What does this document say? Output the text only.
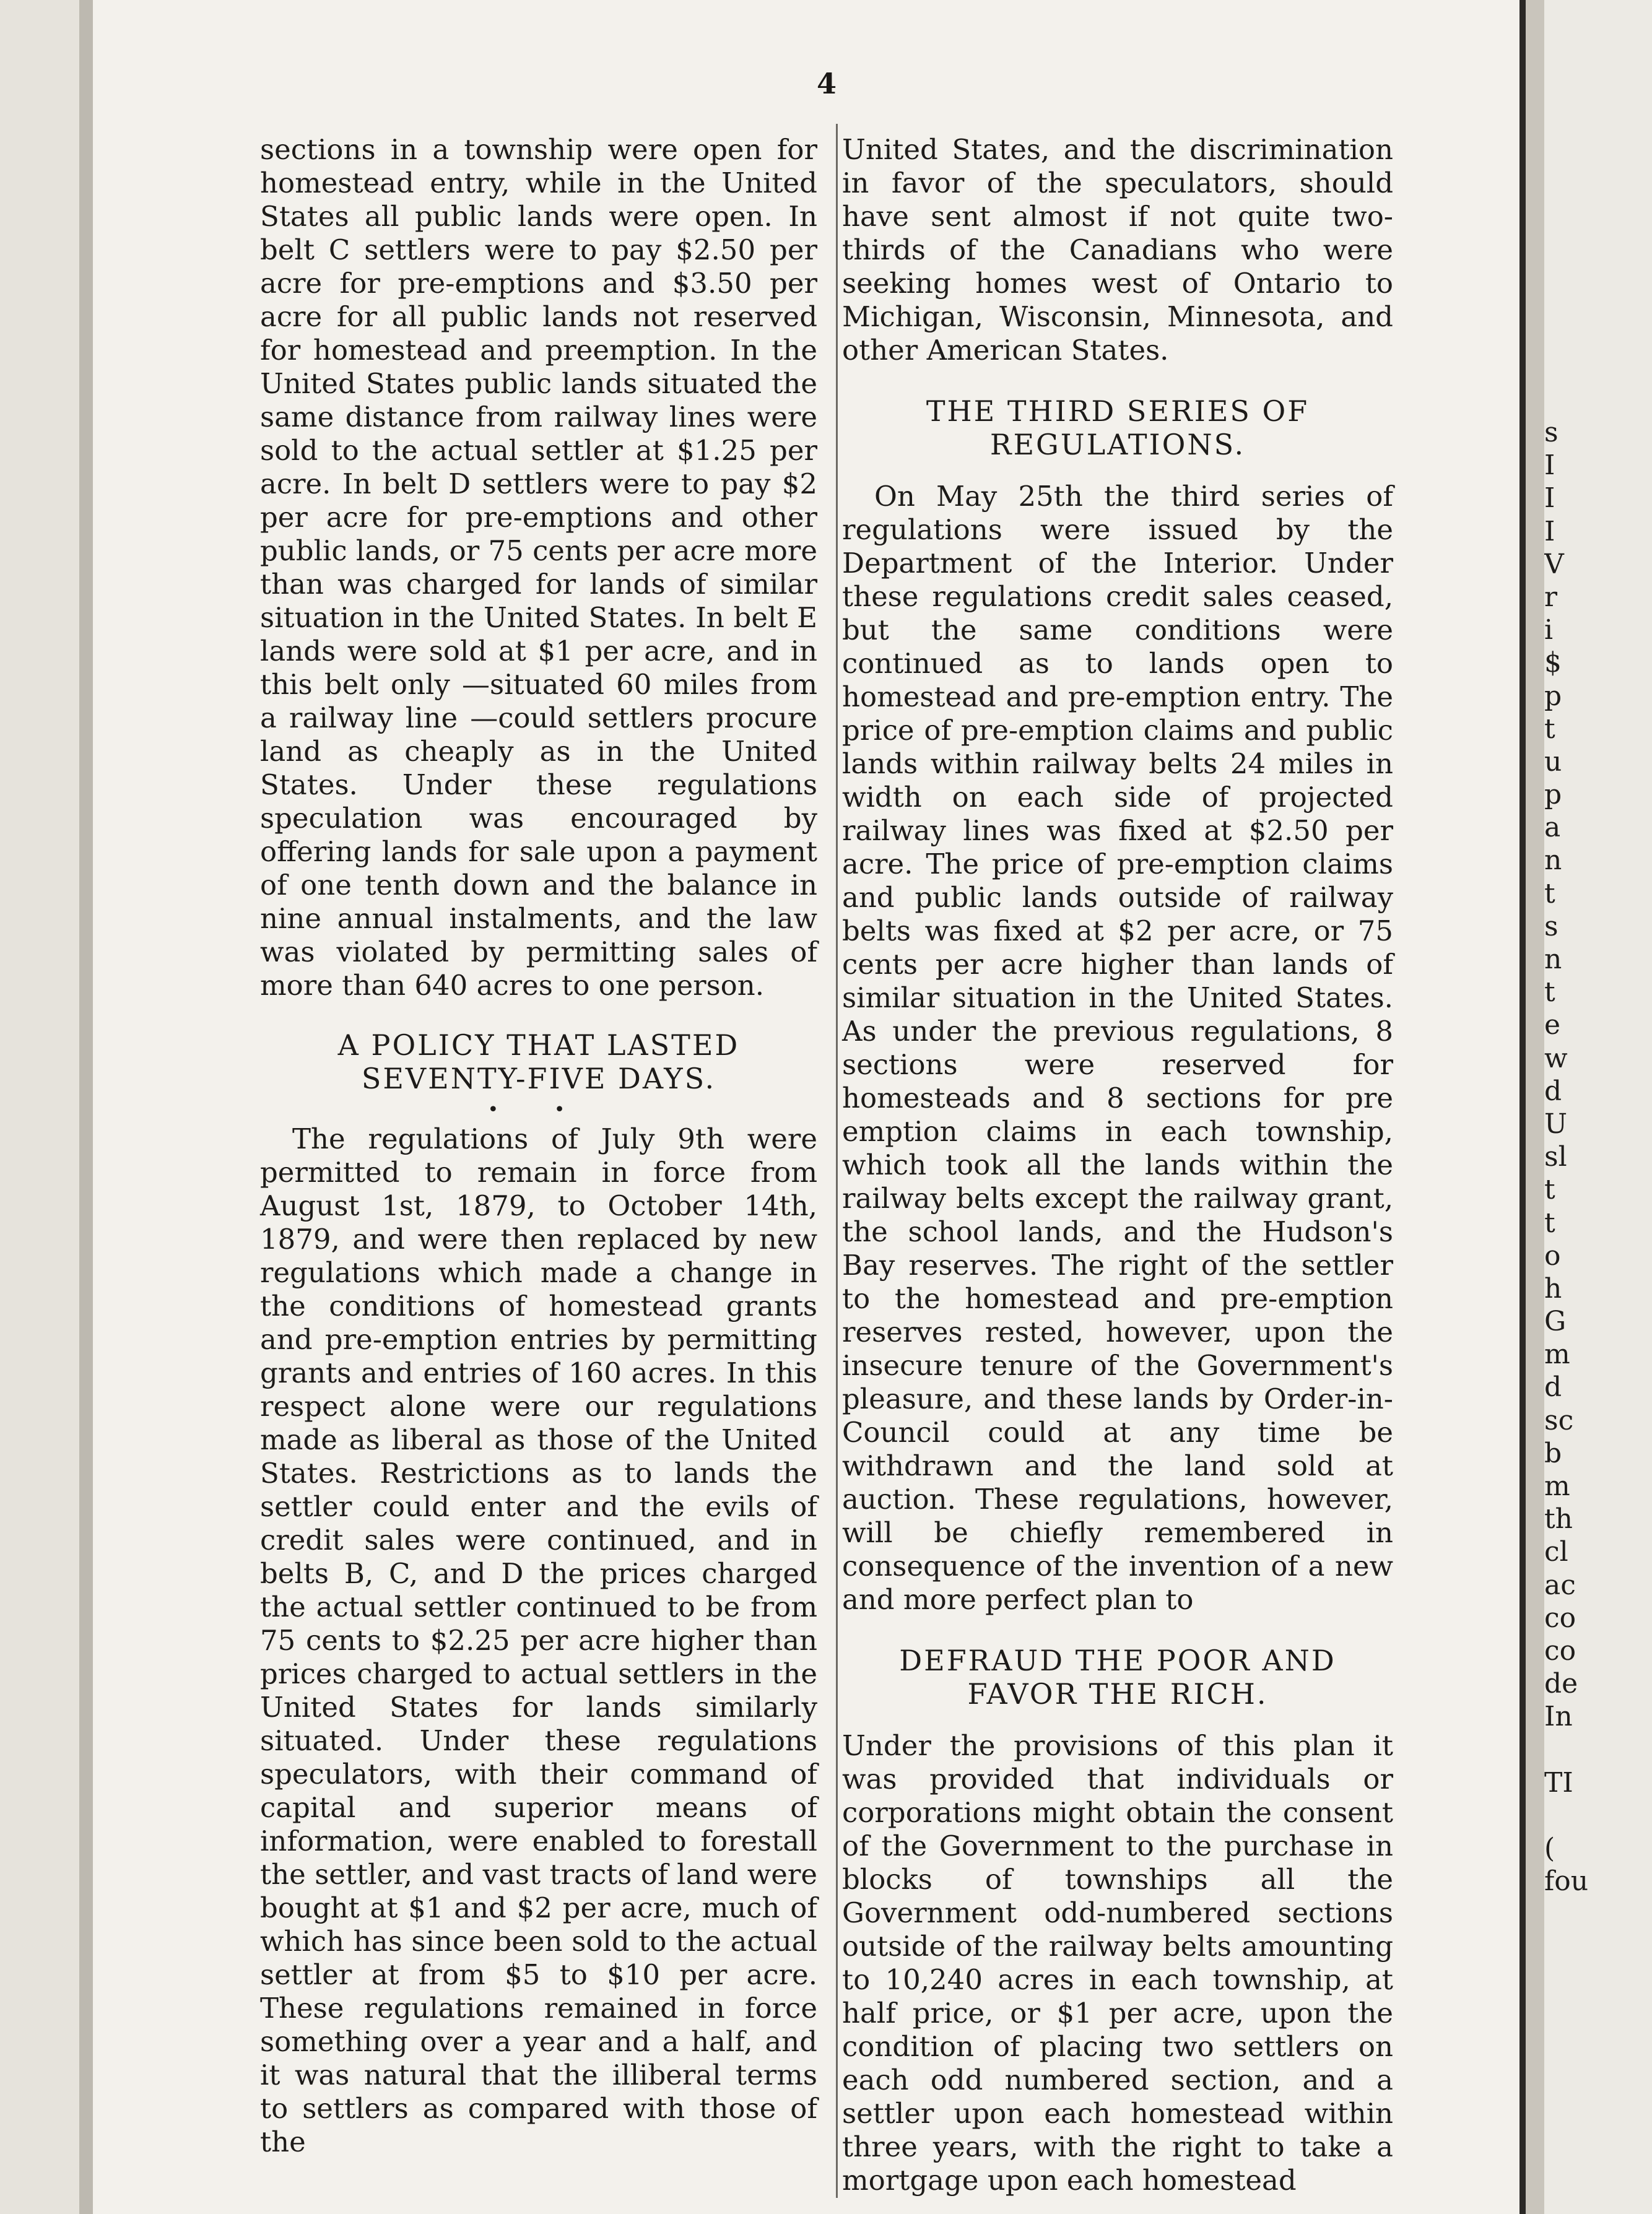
s
I
I
I
V
r
i
$
p
t
u
p
a
n
t
s
n
t
e
w
d
U
sl
t
t
o
h
G
m
d
sc
b
m
th
cl
ac
co
co
de
In
TI
(
fou
4

sections in a township were open for homestead entry, while in the United States all public lands were open. In belt C settlers were to pay $2.50 per acre for pre-emptions and $3.50 per acre for all public lands not reserved for homestead and preemption. In the United States public lands situated the same distance from railway lines were sold to the actual settler at $1.25 per acre. In belt D settlers were to pay $2 per acre for pre-emptions and other public lands, or 75 cents per acre more than was charged for lands of similar situation in the United States. In belt E lands were sold at $1 per acre, and in this belt only —situated 60 miles from a railway line —could settlers procure land as cheaply as in the United States. Under these regulations speculation was encouraged by offering lands for sale upon a payment of one tenth down and the balance in nine annual instalments, and the law was violated by permitting sales of more than 640 acres to one person.

A POLICY THAT LASTED SEVENTY-FIVE DAYS.
• •

The regulations of July 9th were permitted to remain in force from August 1st, 1879, to October 14th, 1879, and were then replaced by new regulations which made a change in the conditions of homestead grants and pre-emption entries by permitting grants and entries of 160 acres. In this respect alone were our regulations made as liberal as those of the United States. Restrictions as to lands the settler could enter and the evils of credit sales were continued, and in belts B, C, and D the prices charged the actual settler continued to be from 75 cents to $2.25 per acre higher than prices charged to actual settlers in the United States for lands similarly situated. Under these regulations speculators, with their command of capital and superior means of information, were enabled to forestall the settler, and vast tracts of land were bought at $1 and $2 per acre, much of which has since been sold to the actual settler at from $5 to $10 per acre. These regulations remained in force something over a year and a half, and it was natural that the illiberal terms to settlers as compared with those of the

United States, and the discrimination in favor of the speculators, should have sent almost if not quite two-thirds of the Canadians who were seeking homes west of Ontario to Michigan, Wisconsin, Minnesota, and other American States.

THE THIRD SERIES OF REGULATIONS.

On May 25th the third series of regulations were issued by the Department of the Interior. Under these regulations credit sales ceased, but the same conditions were continued as to lands open to homestead and pre-emption entry. The price of pre-emption claims and public lands within railway belts 24 miles in width on each side of projected railway lines was fixed at $2.50 per acre. The price of pre-emption claims and public lands outside of railway belts was fixed at $2 per acre, or 75 cents per acre higher than lands of similar situation in the United States. As under the previous regulations, 8 sections were reserved for homesteads and 8 sections for pre emption claims in each township, which took all the lands within the railway belts except the railway grant, the school lands, and the Hudson's Bay reserves. The right of the settler to the homestead and pre-emption reserves rested, however, upon the insecure tenure of the Government's pleasure, and these lands by Order-in-Council could at any time be withdrawn and the land sold at auction. These regulations, however, will be chiefly remembered in consequence of the invention of a new and more perfect plan to

DEFRAUD THE POOR AND FAVOR THE RICH.

Under the provisions of this plan it was provided that individuals or corporations might obtain the consent of the Government to the purchase in blocks of townships all the Government odd-numbered sections outside of the railway belts amounting to 10,240 acres in each township, at half price, or $1 per acre, upon the condition of placing two settlers on each odd numbered section, and a settler upon each homestead within three years, with the right to take a mortgage upon each homestead
